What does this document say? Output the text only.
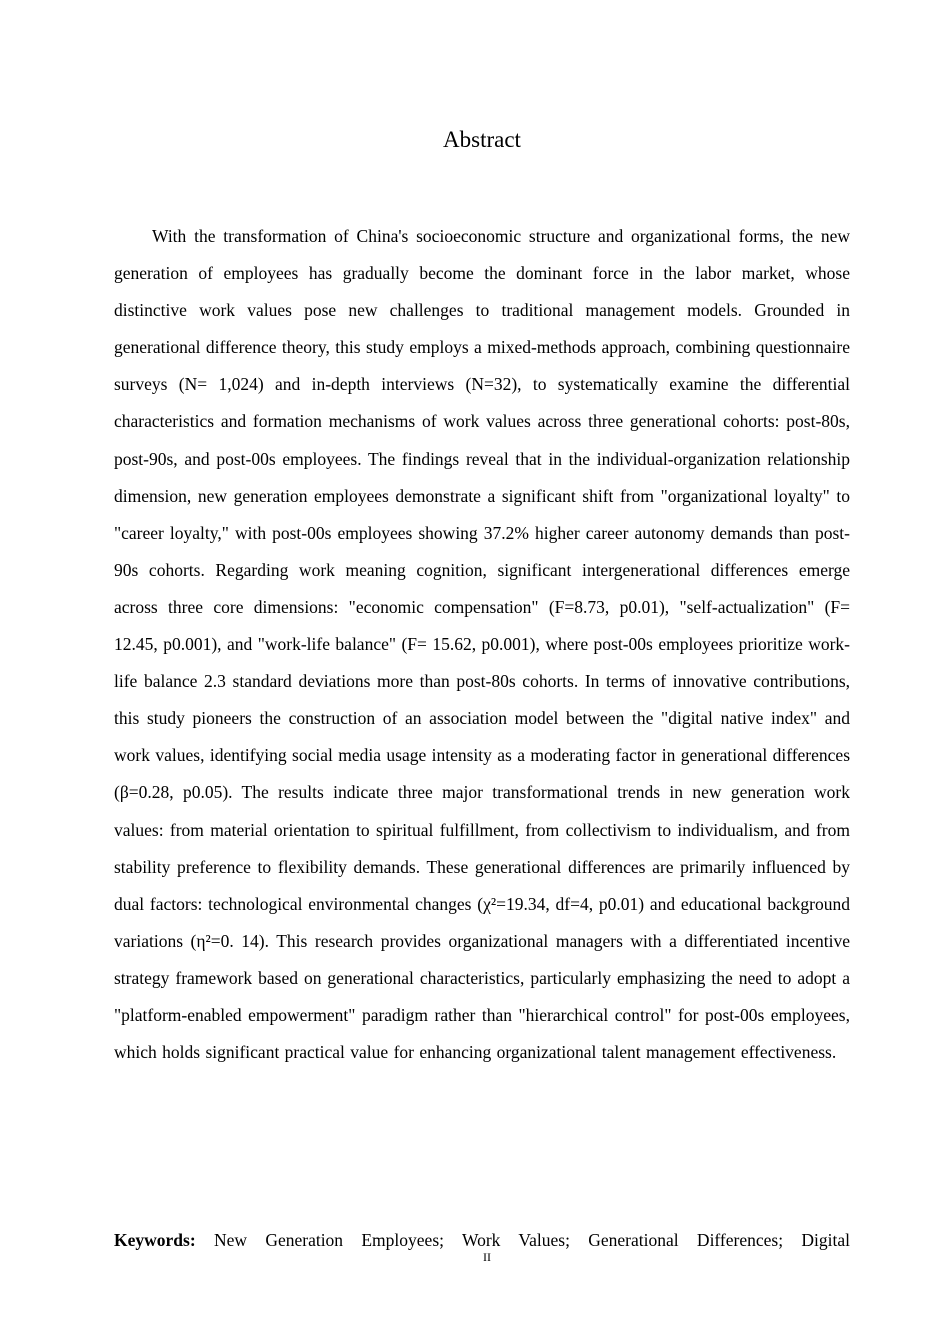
Abstract

With the transformation of China's socioeconomic structure and organizational forms, the new generation of employees has gradually become the dominant force in the labor market, whose distinctive work values pose new challenges to traditional management models. Grounded in generational difference theory, this study employs a mixed-methods approach, combining questionnaire surveys (N= 1,024) and in-depth interviews (N=32), to systematically examine the differential characteristics and formation mechanisms of work values across three generational cohorts: post-80s, post-90s, and post-00s employees. The findings reveal that in the individual-organization relationship dimension, new generation employees demonstrate a significant shift from "organizational loyalty" to "career loyalty," with post-00s employees showing 37.2% higher career autonomy demands than post-90s cohorts. Regarding work meaning cognition, significant intergenerational differences emerge across three core dimensions: "economic compensation" (F=8.73, p0.01), "self-actualization" (F= 12.45, p0.001), and "work-life balance" (F= 15.62, p0.001), where post-00s employees prioritize work-life balance 2.3 standard deviations more than post-80s cohorts. In terms of innovative contributions, this study pioneers the construction of an association model between the "digital native index" and work values, identifying social media usage intensity as a moderating factor in generational differences (β=0.28, p0.05). The results indicate three major transformational trends in new generation work values: from material orientation to spiritual fulfillment, from collectivism to individualism, and from stability preference to flexibility demands. These generational differences are primarily influenced by dual factors: technological environmental changes (χ²=19.34, df=4, p0.01) and educational background variations (η²=0. 14). This research provides organizational managers with a differentiated incentive strategy framework based on generational characteristics, particularly emphasizing the need to adopt a "platform-enabled empowerment" paradigm rather than "hierarchical control" for post-00s employees, which holds significant practical value for enhancing organizational talent management effectiveness.

Keywords: New Generation Employees; Work Values; Generational Differences; Digital

II
